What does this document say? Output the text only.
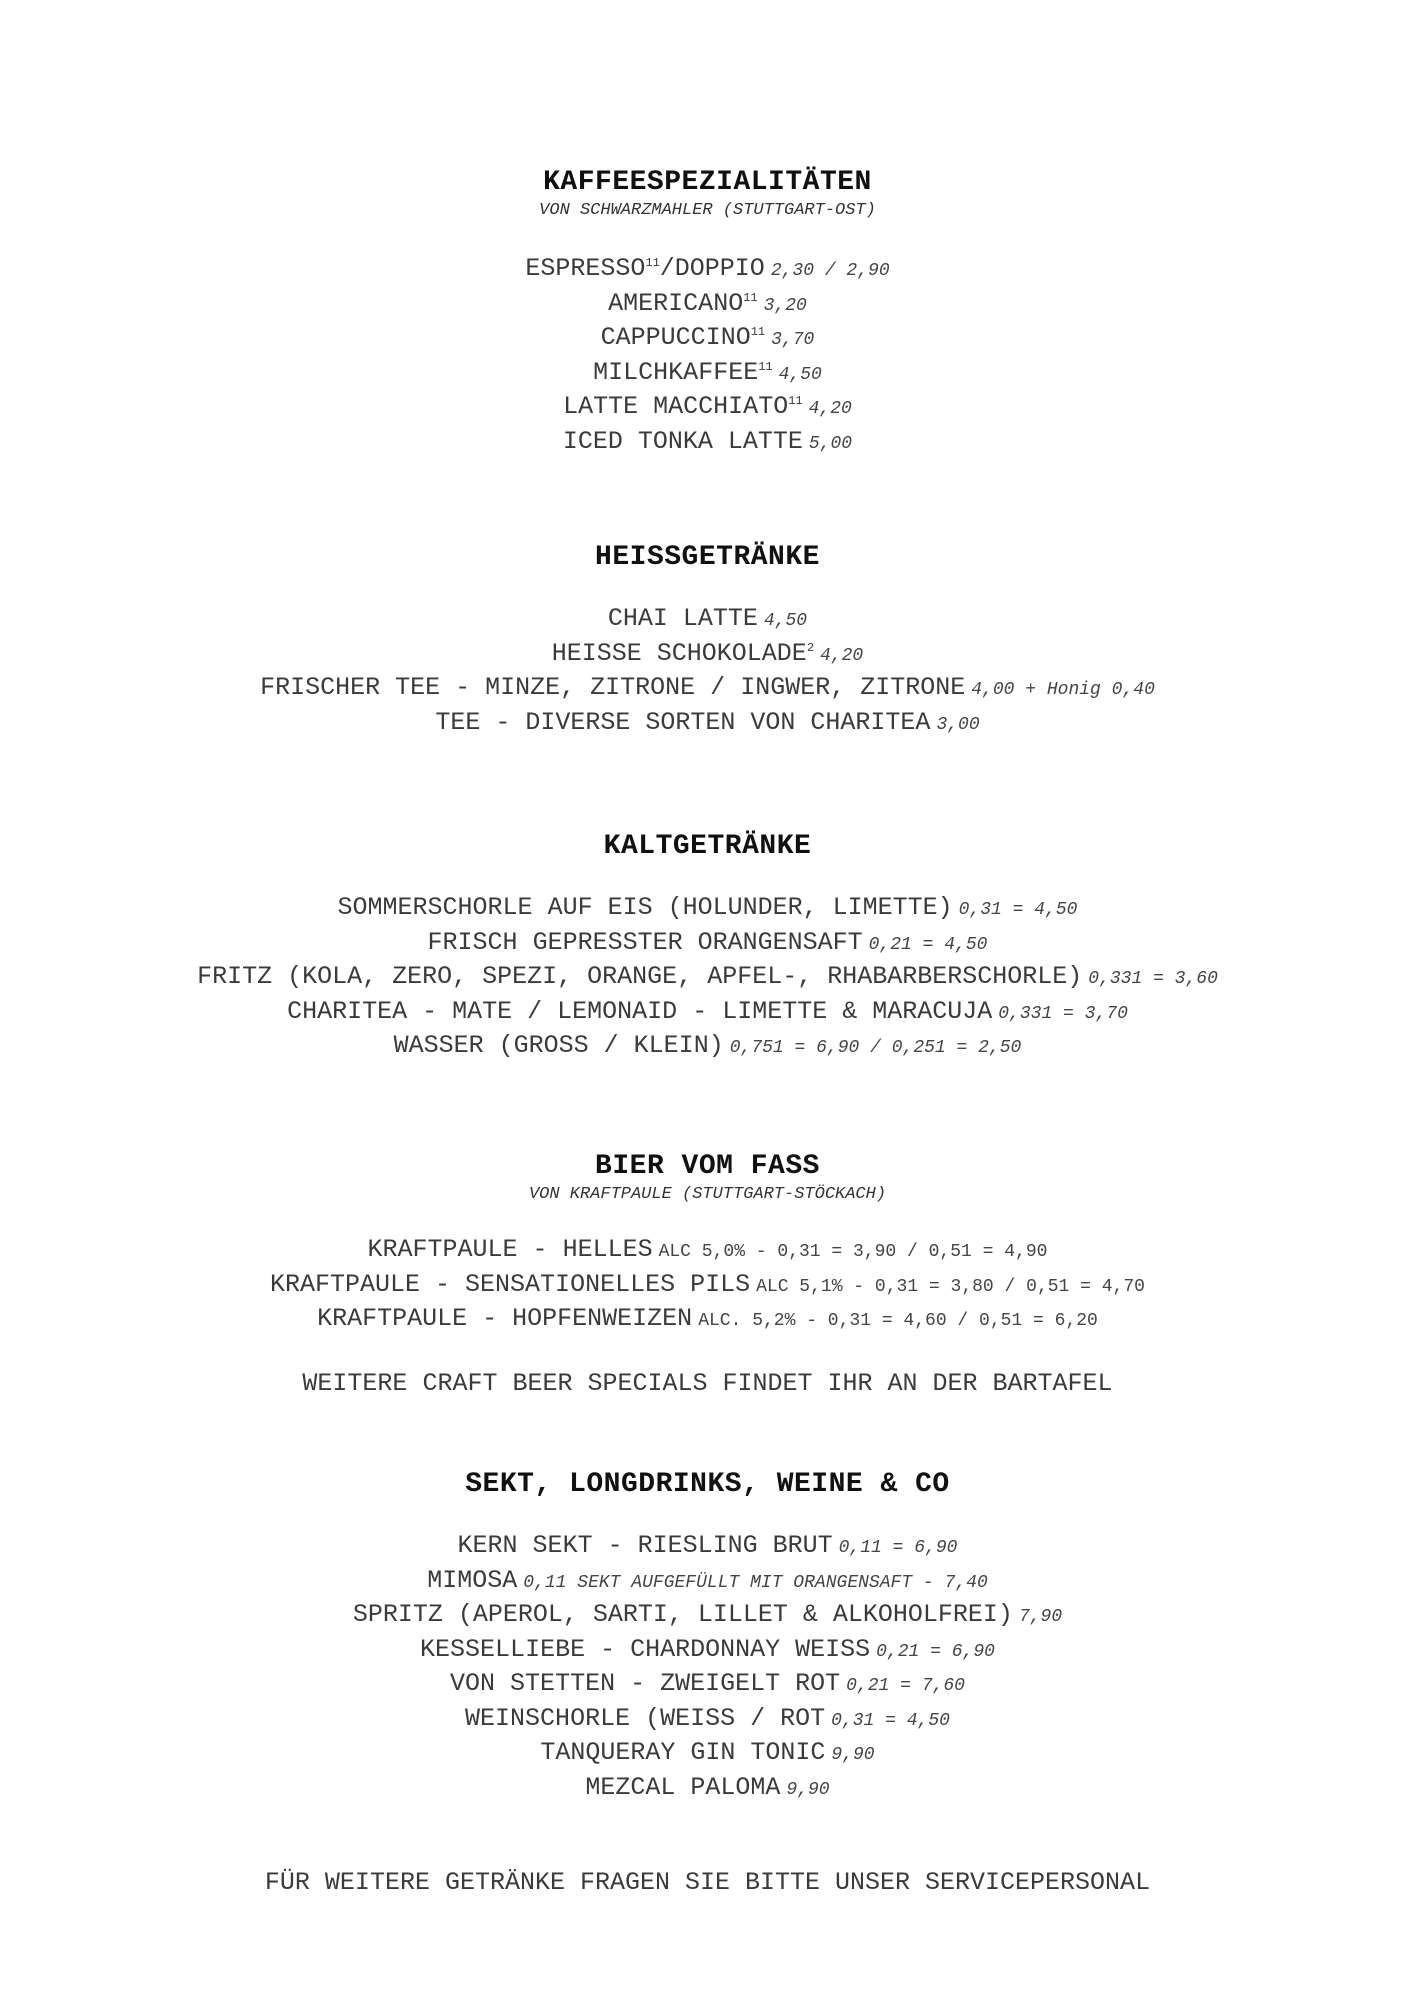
KAFFEESPEZIALITÄTEN

VON SCHWARZMAHLER (STUTTGART-OST)

ESPRESSO$^{11}$/DOPPIO 2,30 / 2,90
AMERICANO$^{11}$ 3,20
CAPPUCCINO$^{11}$ 3,70
MILCHKAFFEE$^{11}$ 4,50
LATTE MACCHIATO$^{11}$ 4,20
ICED TONKA LATTE 5,00
HEISSGETRÄNKE
CHAI LATTE 4,50
HEISSE SCHOKOLADE$^2$ 4,20
FRISCHER TEE - MINZE, ZITRONE / INGWER, ZITRONE 4,00 + Honig 0,40
TEE - DIVERSE SORTEN VON CHARITEA 3,00
KALTGETRÄNKE
SOMMERSCHORLE AUF EIS (HOLUNDER, LIMETTE) 0,31 = 4,50
FRISCH GEPRESSTER ORANGENSAFT 0,21 = 4,50
FRITZ (KOLA, ZERO, SPEZI, ORANGE, APFEL-, RHABARBERSCHORLE) 0,331 = 3,60
CHARITEA - MATE / LEMONAID - LIMETTE & MARACUJA 0,331 = 3,70
WASSER (GROSS / KLEIN) 0,751 = 6,90 / 0,251 = 2,50
BIER VOM FASS

VON KRAFTPAULE (STUTTGART-STÖCKACH)

KRAFTPAULE - HELLES ALC 5,0% - 0,31 = 3,90 / 0,51 = 4,90
KRAFTPAULE - SENSATIONELLES PILS ALC 5,1% - 0,31 = 3,80 / 0,51 = 4,70
KRAFTPAULE - HOPFENWEIZEN ALC. 5,2% - 0,31 = 4,60 / 0,51 = 6,20

WEITERE CRAFT BEER SPECIALS FINDET IHR AN DER BARTAFEL

SEKT, LONGDRINKS, WEINE & CO
KERN SEKT - RIESLING BRUT 0,11 = 6,90
MIMOSA 0,11 SEKT AUFGEFÜLLT MIT ORANGENSAFT - 7,40
SPRITZ (APEROL, SARTI, LILLET & ALKOHOLFREI) 7,90
KESSELLIEBE - CHARDONNAY WEISS 0,21 = 6,90
VON STETTEN - ZWEIGELT ROT 0,21 = 7,60
WEINSCHORLE (WEISS / ROT 0,31 = 4,50
TANQUERAY GIN TONIC 9,90
MEZCAL PALOMA 9,90

FÜR WEITERE GETRÄNKE FRAGEN SIE BITTE UNSER SERVICEPERSONAL
